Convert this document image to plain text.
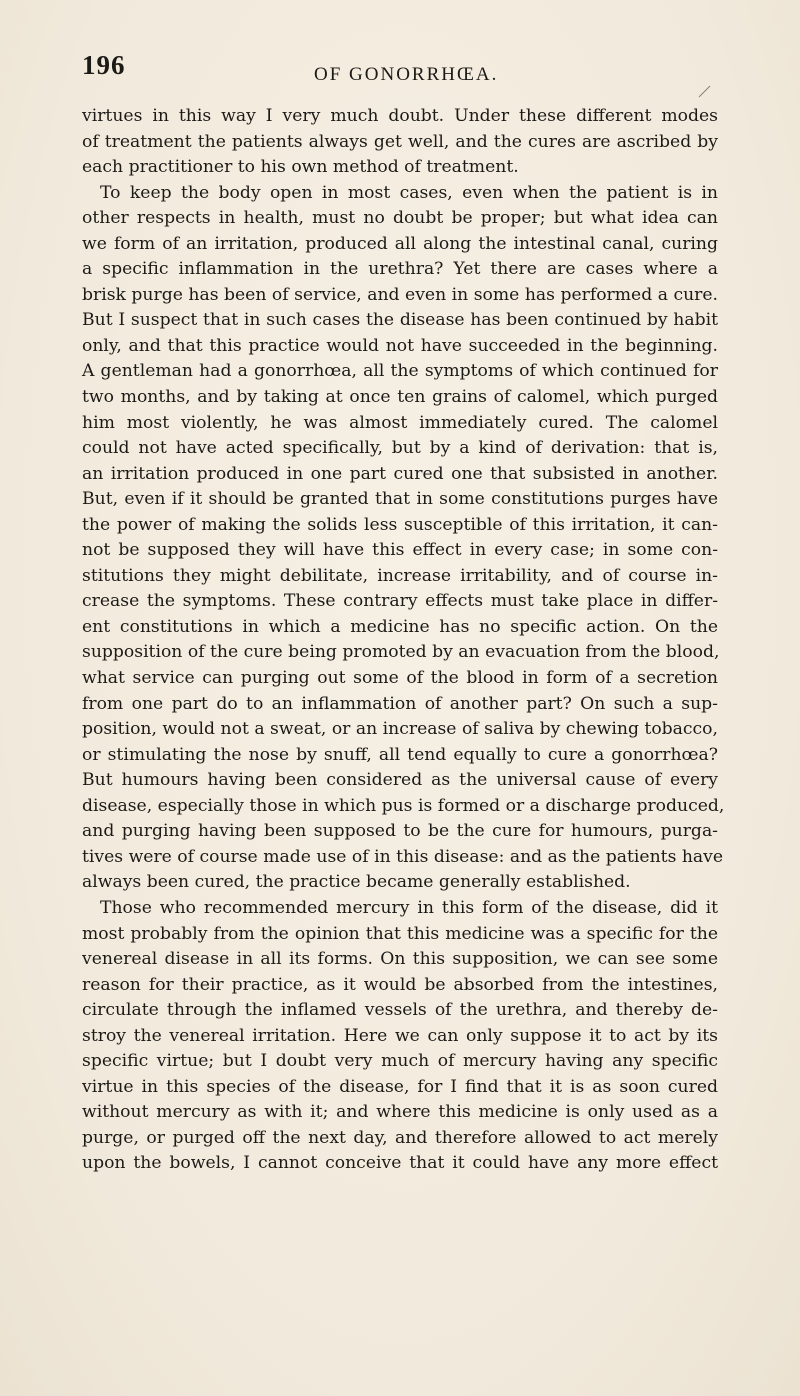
196	OF GONORRHŒA.
virtues in this way I very much doubt. Under these different modes
of treatment the patients always get well, and the cures are ascribed by
each practitioner to his own method of treatment.
To keep the body open in most cases, even when the patient is in
other respects in health, must no doubt be proper; but what idea can
we form of an irritation, produced all along the intestinal canal, curing
a specific inflammation in the urethra? Yet there are cases where a
brisk purge has been of service, and even in some has performed a cure.
But I suspect that in such cases the disease has been continued by habit
only, and that this practice would not have succeeded in the beginning.
A gentleman had a gonorrhœa, all the symptoms of which continued for
two months, and by taking at once ten grains of calomel, which purged
him most violently, he was almost immediately cured. The calomel
could not have acted specifically, but by a kind of derivation: that is,
an irritation produced in one part cured one that subsisted in another.
But, even if it should be granted that in some constitutions purges have
the power of making the solids less susceptible of this irritation, it can-
not be supposed they will have this effect in every case; in some con-
stitutions they might debilitate, increase irritability, and of course in-
crease the symptoms. These contrary effects must take place in differ-
ent constitutions in which a medicine has no specific action. On the
supposition of the cure being promoted by an evacuation from the blood,
what service can purging out some of the blood in form of a secretion
from one part do to an inflammation of another part? On such a sup-
position, would not a sweat, or an increase of saliva by chewing tobacco,
or stimulating the nose by snuff, all tend equally to cure a gonorrhœa?
But humours having been considered as the universal cause of every
disease, especially those in which pus is formed or a discharge produced,
and purging having been supposed to be the cure for humours, purga-
tives were of course made use of in this disease: and as the patients have
always been cured, the practice became generally established.
Those who recommended mercury in this form of the disease, did it
most probably from the opinion that this medicine was a specific for the
venereal disease in all its forms. On this supposition, we can see some
reason for their practice, as it would be absorbed from the intestines,
circulate through the inflamed vessels of the urethra, and thereby de-
stroy the venereal irritation. Here we can only suppose it to act by its
specific virtue; but I doubt very much of mercury having any specific
virtue in this species of the disease, for I find that it is as soon cured
without mercury as with it; and where this medicine is only used as a
purge, or purged off the next day, and therefore allowed to act merely
upon the bowels, I cannot conceive that it could have any more effect
